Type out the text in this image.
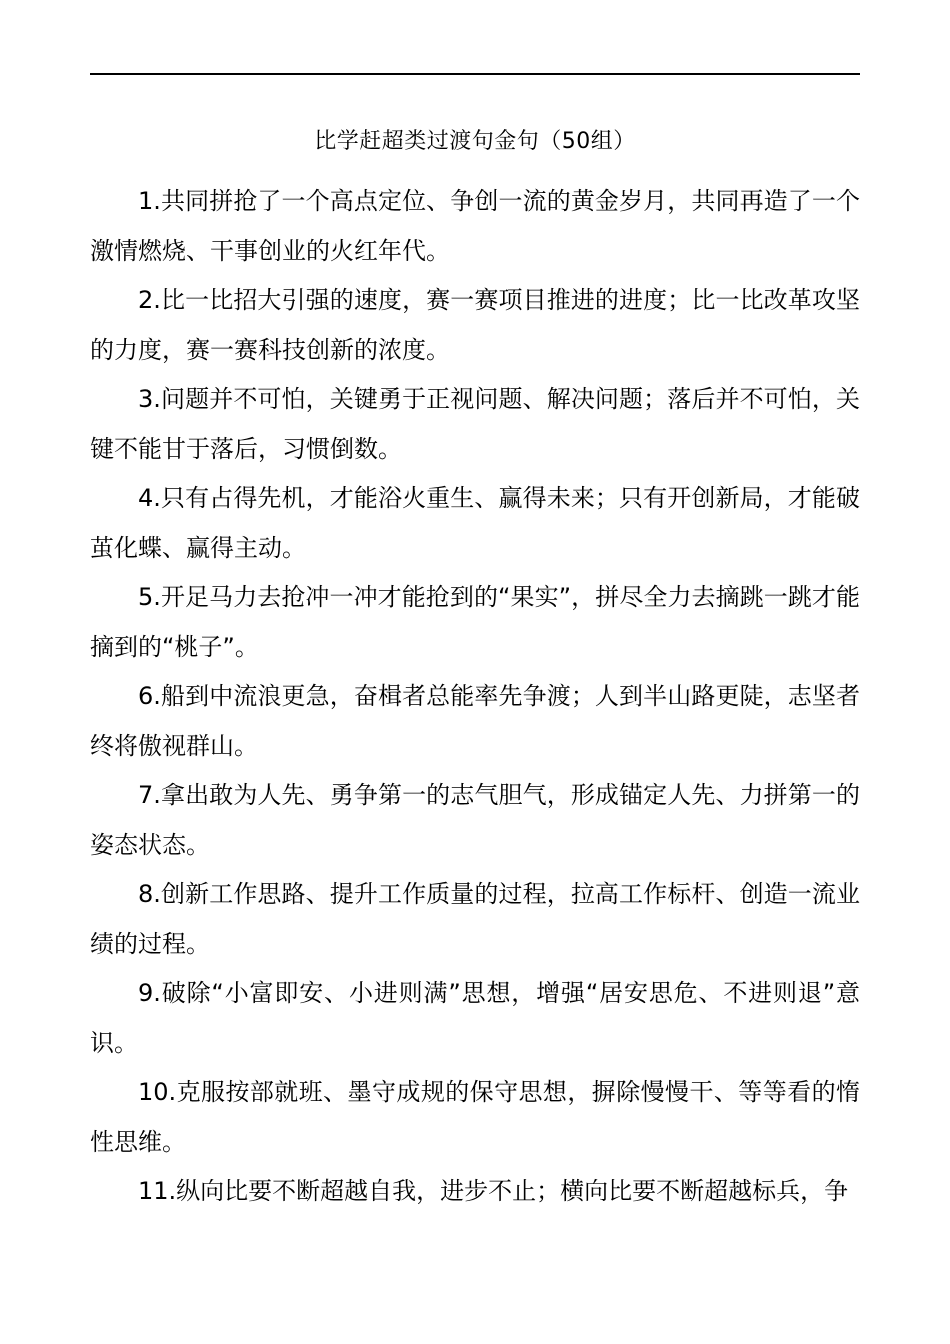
比学赶超类过渡句金句（50组）

1.共同拼抢了一个高点定位、争创一流的黄金岁月，共同再造了一个激情燃烧、干事创业的火红年代。

2.比一比招大引强的速度，赛一赛项目推进的进度；比一比改革攻坚的力度，赛一赛科技创新的浓度。

3.问题并不可怕，关键勇于正视问题、解决问题；落后并不可怕，关键不能甘于落后，习惯倒数。

4.只有占得先机，才能浴火重生、赢得未来；只有开创新局，才能破茧化蝶、赢得主动。

5.开足马力去抢冲一冲才能抢到的“果实”，拼尽全力去摘跳一跳才能摘到的“桃子”。

6.船到中流浪更急，奋楫者总能率先争渡；人到半山路更陡，志坚者终将傲视群山。

7.拿出敢为人先、勇争第一的志气胆气，形成锚定人先、力拼第一的姿态状态。

8.创新工作思路、提升工作质量的过程，拉高工作标杆、创造一流业绩的过程。

9.破除“小富即安、小进则满”思想，增强“居安思危、不进则退”意识。

10.克服按部就班、墨守成规的保守思想，摒除慢慢干、等等看的惰性思维。

11.纵向比要不断超越自我，进步不止；横向比要不断超越标兵，争
